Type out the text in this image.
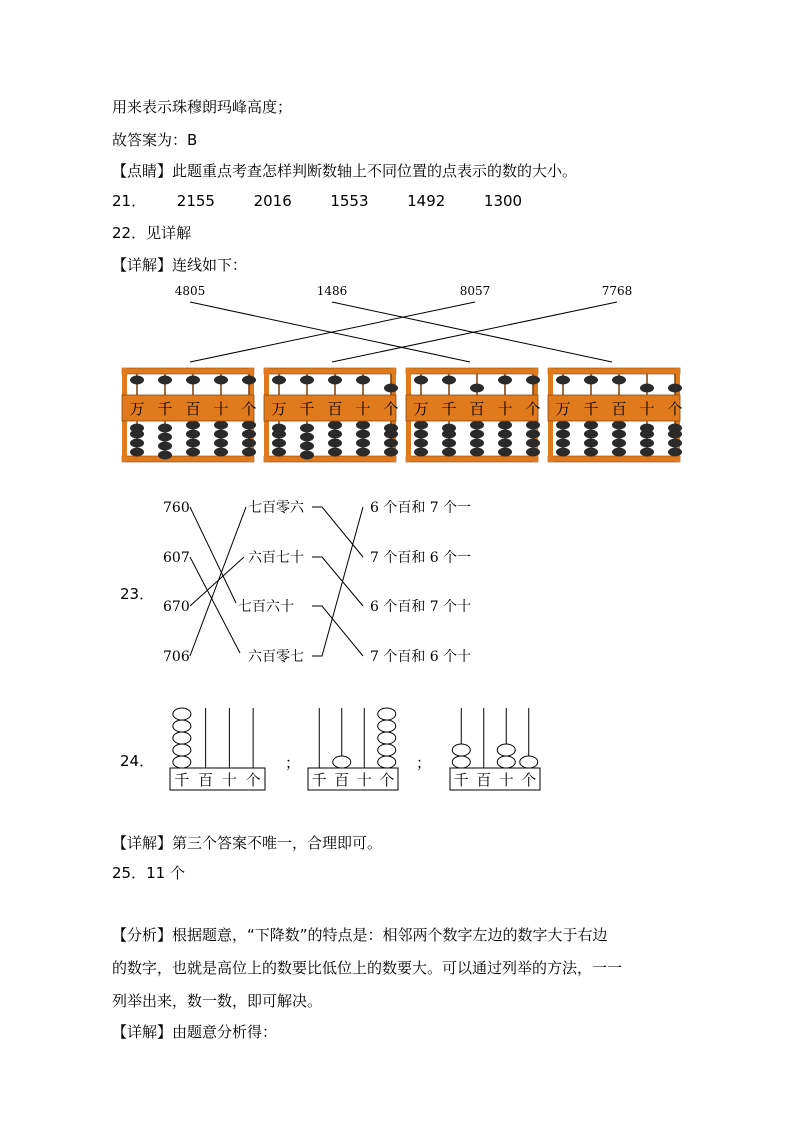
用来表示珠穆朗玛峰高度；
故答案为：B
【点睛】此题重点考查怎样判断数轴上不同位置的点表示的数的大小。
21． 2155	2016	1553	1492	1300
22．见详解
【详解】连线如下：
4805	1486	8057	7768
万 千 百 十 个 万 千 百 十 个 万 千 百 十 个 万 千 百 十 个
23．
760
607
670
706
七百零六
六百七十
七百六十
六百零七
6 个百和 7 个一
7 个百和 6 个一
6 个百和 7 个十
7 个百和 6 个十
24．	；	；
千 百 十 个	千 百 十 个	千 百 十 个
【详解】第三个答案不唯一，合理即可。
25．11 个
【分析】根据题意，“下降数”的特点是：相邻两个数字左边的数字大于右边
的数字，也就是高位上的数要比低位上的数要大。可以通过列举的方法，一一
列举出来，数一数，即可解决。
【详解】由题意分析得：
